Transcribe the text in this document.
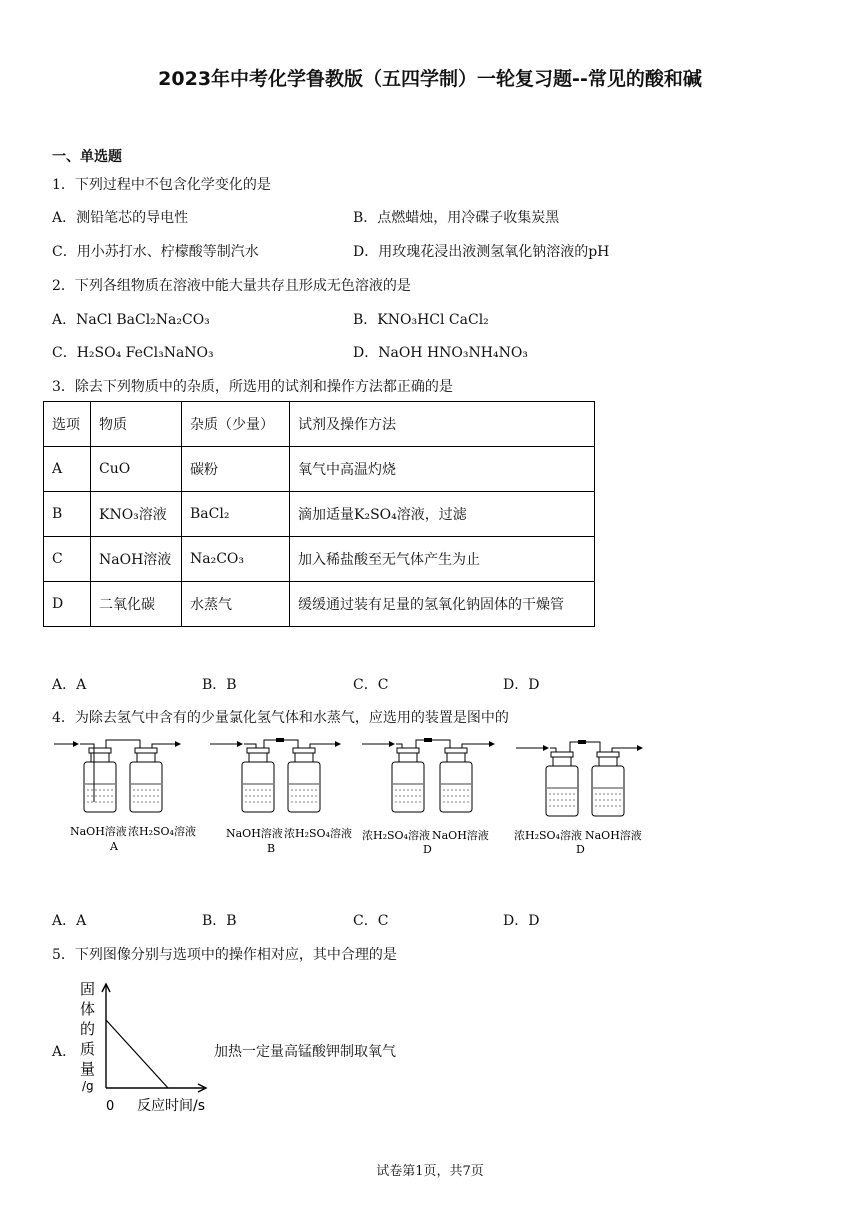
2023年中考化学鲁教版（五四学制）一轮复习题--常见的酸和碱
一、单选题
1．下列过程中不包含化学变化的是
A．测铅笔芯的导电性	B．点燃蜡烛，用冷碟子收集炭黑
C．用小苏打水、柠檬酸等制汽水	D．用玫瑰花浸出液测氢氧化钠溶液的pH
2．下列各组物质在溶液中能大量共存且形成无色溶液的是
A．NaCl BaCl₂Na₂CO₃	B．KNO₃HCl CaCl₂
C．H₂SO₄ FeCl₃NaNO₃	D．NaOH HNO₃NH₄NO₃
3．除去下列物质中的杂质，所选用的试剂和操作方法都正确的是
选项	物质	杂质（少量）	试剂及操作方法
A	CuO	碳粉	氧气中高温灼烧
B	KNO₃溶液	BaCl₂	滴加适量K₂SO₄溶液，过滤
C	NaOH溶液	Na₂CO₃	加入稀盐酸至无气体产生为止
D	二氧化碳	水蒸气	缓缓通过装有足量的氢氧化钠固体的干燥管
A．A	B．B	C．C	D．D
4．为除去氢气中含有的少量氯化氢气体和水蒸气，应选用的装置是图中的
NaOH溶液 浓H₂SO₄溶液
A
NaOH溶液 浓H₂SO₄溶液
B
浓H₂SO₄溶液 NaOH溶液
D
浓H₂SO₄溶液 NaOH溶液
D
A．A	B．B	C．C	D．D
5．下列图像分别与选项中的操作相对应，其中合理的是
A．
固
体
的
质
量
/g
0 反应时间/s
加热一定量高锰酸钾制取氧气
试卷第1页，共7页
